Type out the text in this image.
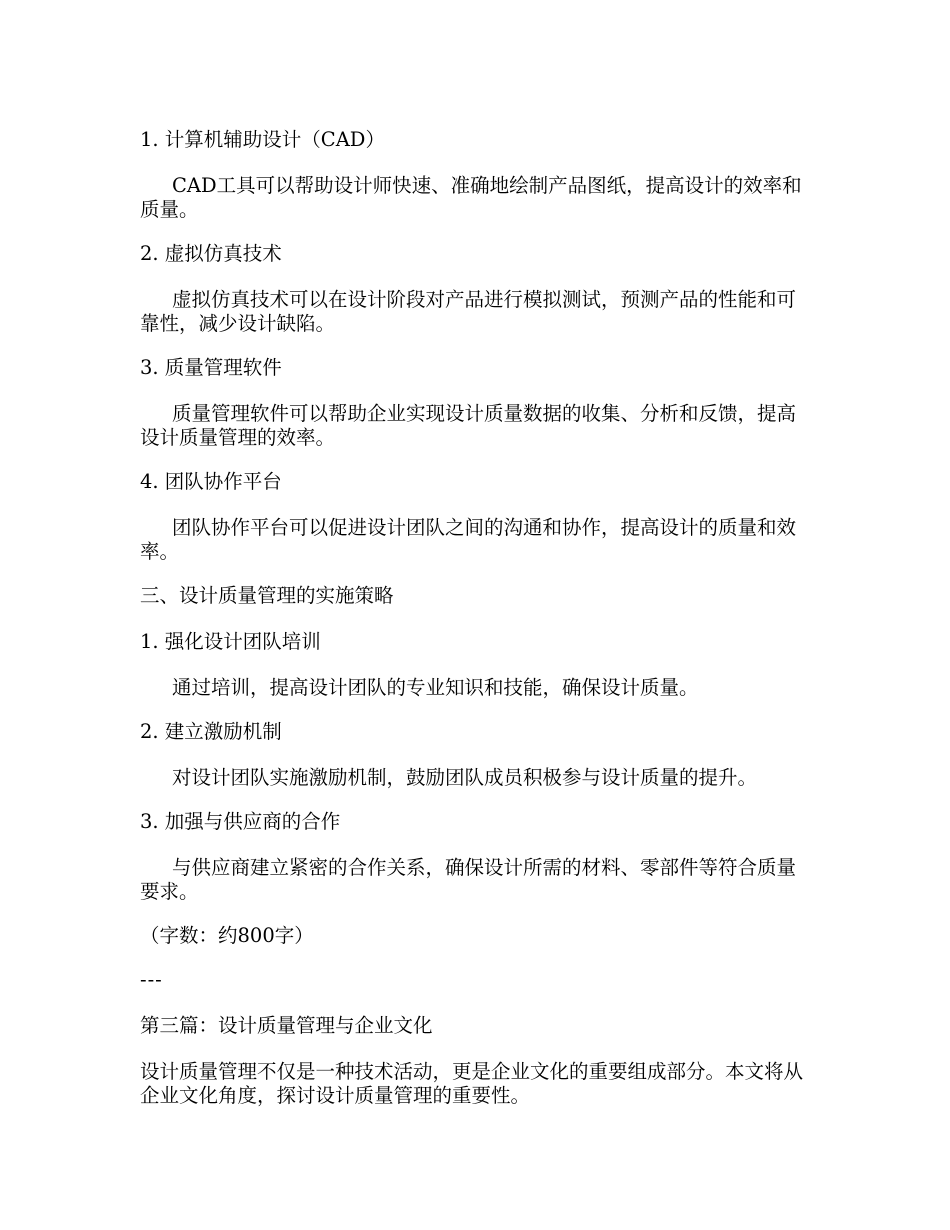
1. 计算机辅助设计（CAD）

CAD工具可以帮助设计师快速、准确地绘制产品图纸，提高设计的效率和质量。

2. 虚拟仿真技术

虚拟仿真技术可以在设计阶段对产品进行模拟测试，预测产品的性能和可靠性，减少设计缺陷。

3. 质量管理软件

质量管理软件可以帮助企业实现设计质量数据的收集、分析和反馈，提高设计质量管理的效率。

4. 团队协作平台

团队协作平台可以促进设计团队之间的沟通和协作，提高设计的质量和效率。

三、设计质量管理的实施策略

1. 强化设计团队培训

通过培训，提高设计团队的专业知识和技能，确保设计质量。

2. 建立激励机制

对设计团队实施激励机制，鼓励团队成员积极参与设计质量的提升。

3. 加强与供应商的合作

与供应商建立紧密的合作关系，确保设计所需的材料、零部件等符合质量要求。

（字数：约800字）

---

第三篇：设计质量管理与企业文化

设计质量管理不仅是一种技术活动，更是企业文化的重要组成部分。本文将从企业文化角度，探讨设计质量管理的重要性。
